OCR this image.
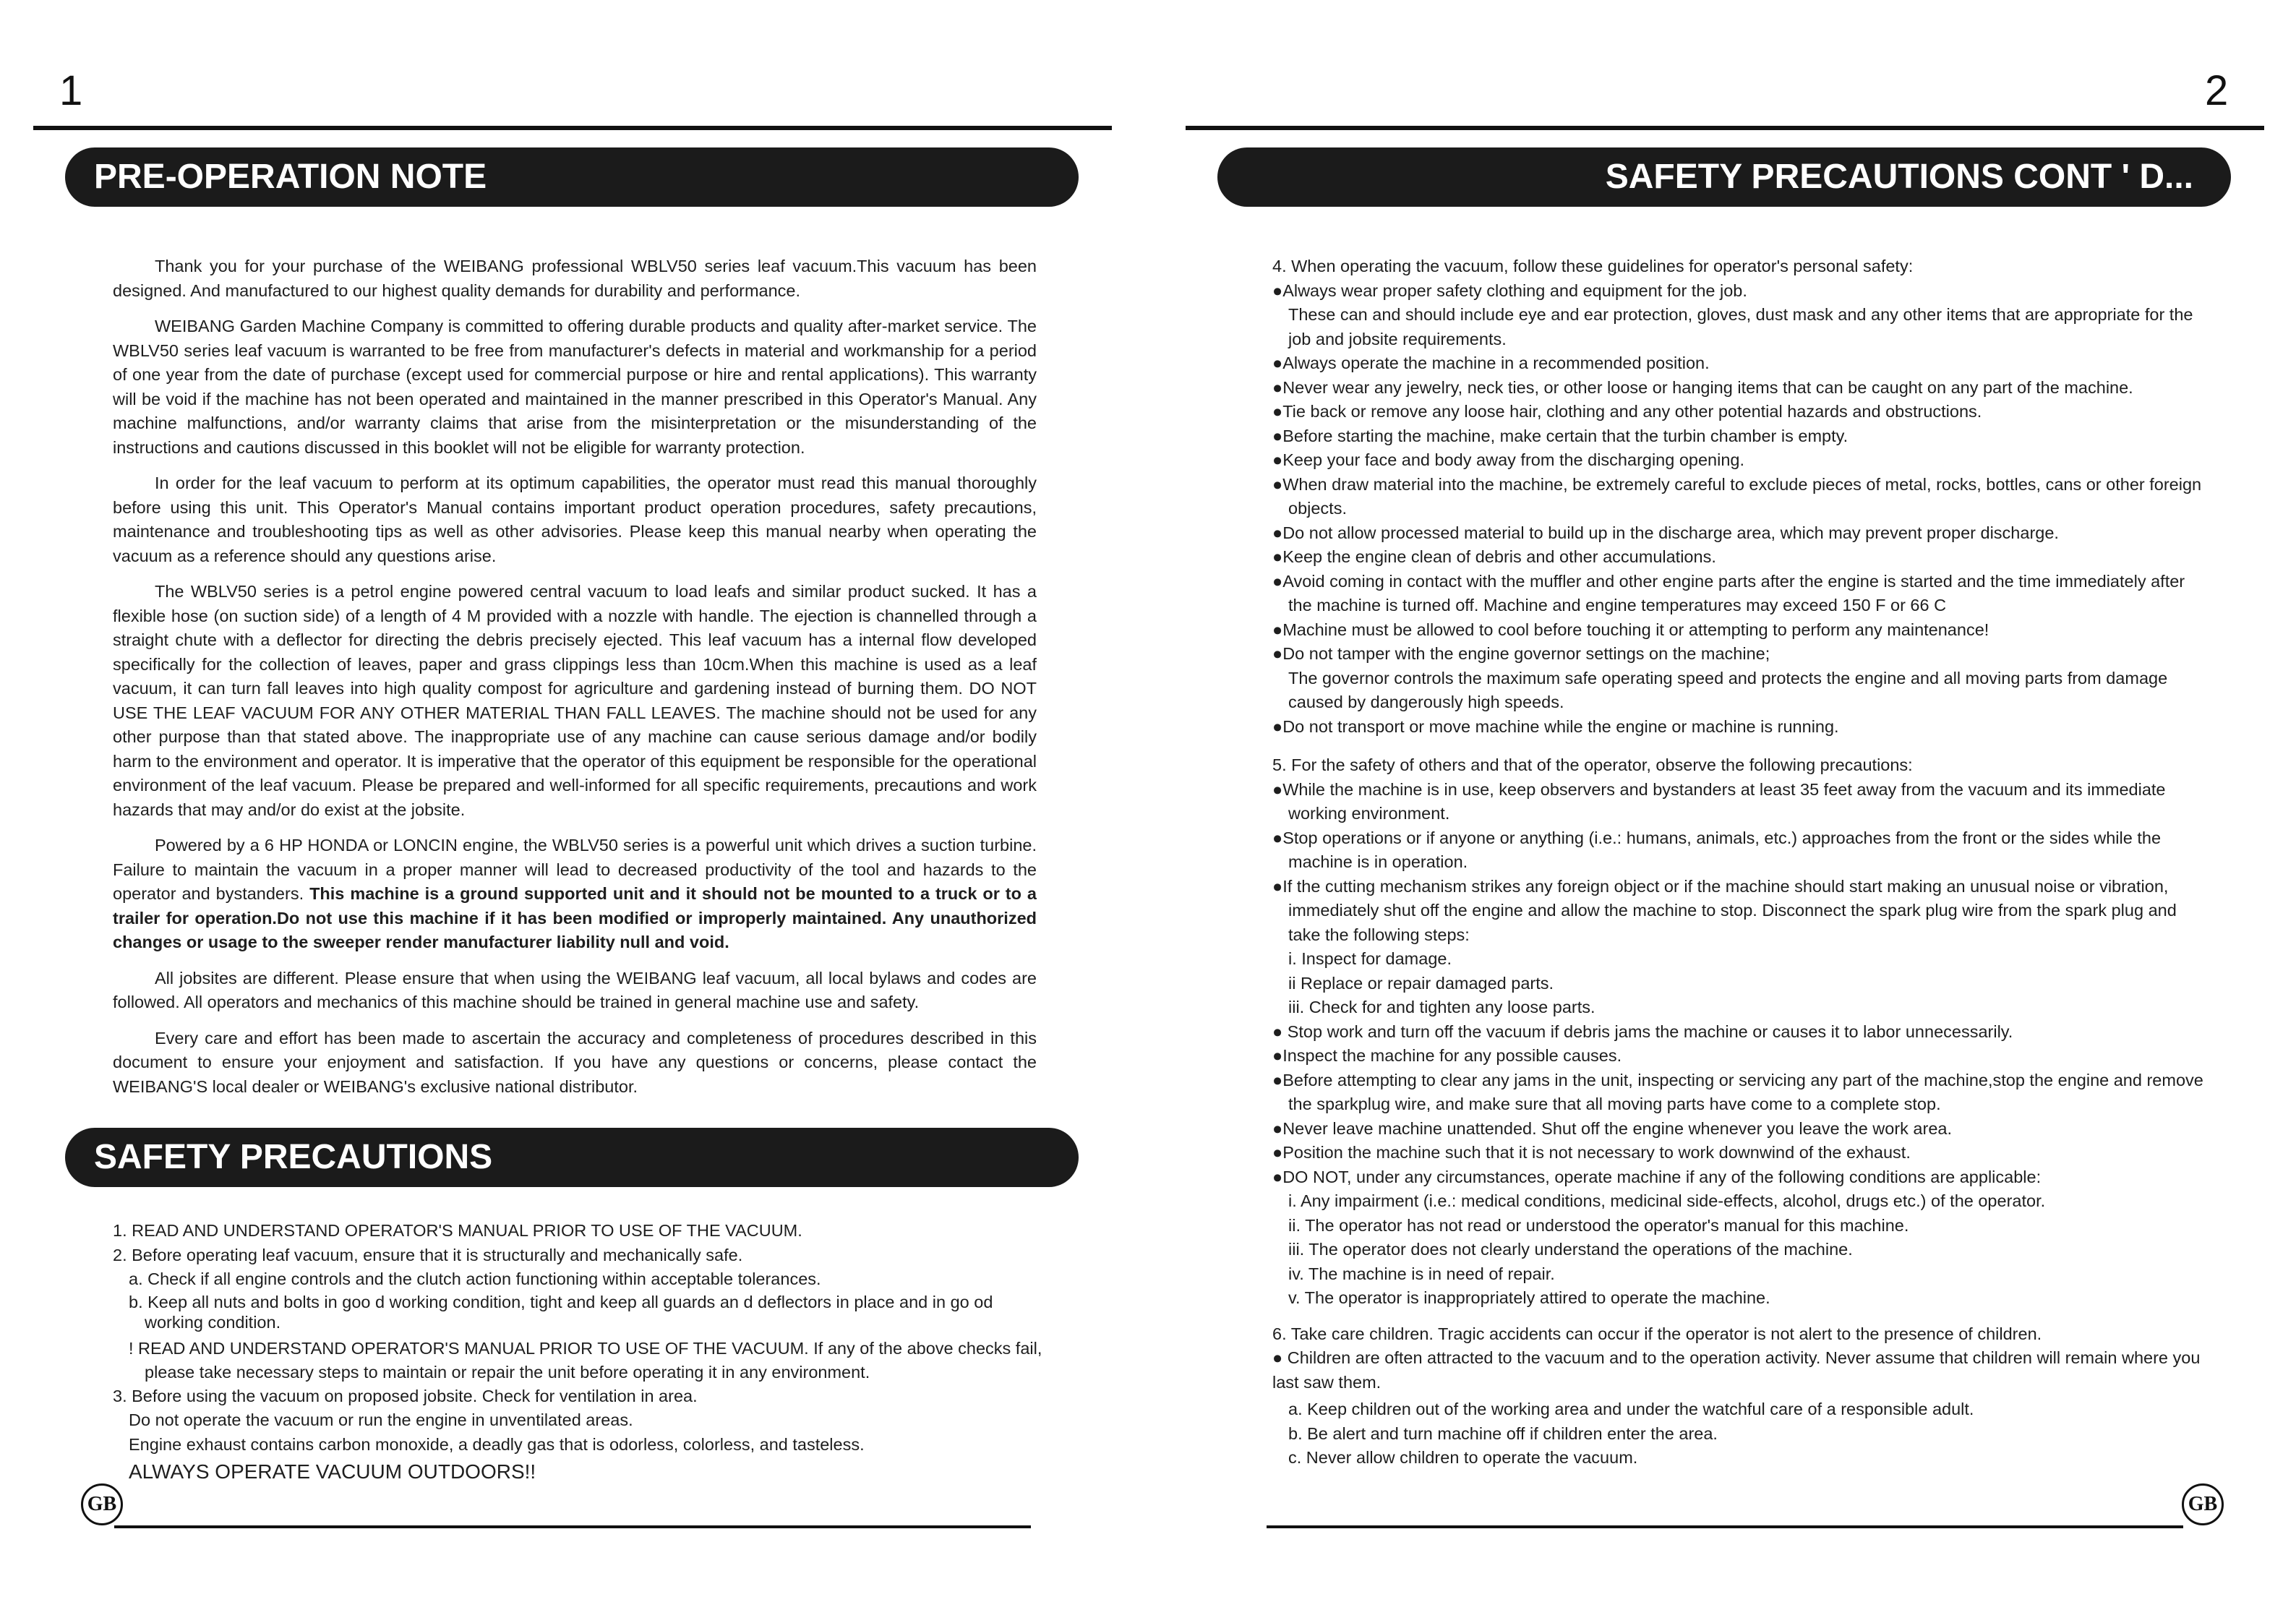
1
PRE-OPERATION NOTE

Thank you for your purchase of the WEIBANG professional WBLV50 series leaf vacuum.This vacuum has been designed. And manufactured to our highest quality demands for durability and performance.

WEIBANG Garden Machine Company is committed to offering durable products and quality after-market service. The WBLV50 series leaf vacuum is warranted to be free from manufacturer's defects in material and workmanship for a period of one year from the date of purchase (except used for commercial purpose or hire and rental applications). This warranty will be void if the machine has not been operated and maintained in the manner prescribed in this Operator's Manual. Any machine malfunctions, and/or warranty claims that arise from the misinterpretation or the misunderstanding of the instructions and cautions discussed in this booklet will not be eligible for warranty protection.

In order for the leaf vacuum to perform at its optimum capabilities, the operator must read this manual thoroughly before using this unit. This Operator's Manual contains important product operation procedures, safety precautions, maintenance and troubleshooting tips as well as other advisories. Please keep this manual nearby when operating the vacuum as a reference should any questions arise.

The WBLV50 series is a petrol engine powered central vacuum to load leafs and similar product sucked. It has a flexible hose (on suction side) of a length of 4 M provided with a nozzle with handle. The ejection is channelled through a straight chute with a deflector for directing the debris precisely ejected. This leaf vacuum has a internal flow developed specifically for the collection of leaves, paper and grass clippings less than 10cm.When this machine is used as a leaf vacuum, it can turn fall leaves into high quality compost for agriculture and gardening instead of burning them. DO NOT USE THE LEAF VACUUM FOR ANY OTHER MATERIAL THAN FALL LEAVES. The machine should not be used for any other purpose than that stated above. The inappropriate use of any machine can cause serious damage and/or bodily harm to the environment and operator. It is imperative that the operator of this equipment be responsible for the operational environment of the leaf vacuum. Please be prepared and well-informed for all specific requirements, precautions and work hazards that may and/or do exist at the jobsite.

Powered by a 6 HP HONDA or LONCIN engine, the WBLV50 series is a powerful unit which drives a suction turbine. Failure to maintain the vacuum in a proper manner will lead to decreased productivity of the tool and hazards to the operator and bystanders. This machine is a ground supported unit and it should not be mounted to a truck or to a trailer for operation.Do not use this machine if it has been modified or improperly maintained. Any unauthorized changes or usage to the sweeper render manufacturer liability null and void.

All jobsites are different. Please ensure that when using the WEIBANG leaf vacuum, all local bylaws and codes are followed. All operators and mechanics of this machine should be trained in general machine use and safety.

Every care and effort has been made to ascertain the accuracy and completeness of procedures described in this document to ensure your enjoyment and satisfaction. If you have any questions or concerns, please contact the WEIBANG'S local dealer or WEIBANG's exclusive national distributor.

SAFETY PRECAUTIONS
1. READ AND UNDERSTAND OPERATOR'S MANUAL PRIOR TO USE OF THE VACUUM.
2. Before operating leaf vacuum, ensure that it is structurally and mechanically safe.
a. Check if all engine controls and the clutch action functioning within acceptable tolerances.
b. Keep all nuts and bolts in goo d working condition, tight and keep all guards an d deflectors in place and in go od working condition.
! READ AND UNDERSTAND OPERATOR'S MANUAL PRIOR TO USE OF THE VACUUM. If any of the above checks fail, please take necessary steps to maintain or repair the unit before operating it in any environment.
3. Before using the vacuum on proposed jobsite. Check for ventilation in area.
Do not operate the vacuum or run the engine in unventilated areas.
Engine exhaust contains carbon monoxide, a deadly gas that is odorless, colorless, and tasteless.
ALWAYS OPERATE VACUUM OUTDOORS!!
GB
2
SAFETY PRECAUTIONS CONT ' D...
4. When operating the vacuum, follow these guidelines for operator's personal safety:
●Always wear proper safety clothing and equipment for the job.
These can and should include eye and ear protection, gloves, dust mask and any other items that are appropriate for the job and jobsite requirements.
●Always operate the machine in a recommended position.
●Never wear any jewelry, neck ties, or other loose or hanging items that can be caught on any part of the machine.
●Tie back or remove any loose hair, clothing and any other potential hazards and obstructions.
●Before starting the machine, make certain that the turbin chamber is empty.
●Keep your face and body away from the discharging opening.
●When draw material into the machine, be extremely careful to exclude pieces of metal, rocks, bottles, cans or other foreign objects.
●Do not allow processed material to build up in the discharge area, which may prevent proper discharge.
●Keep the engine clean of debris and other accumulations.
●Avoid coming in contact with the muffler and other engine parts after the engine is started and the time immediately after the machine is turned off. Machine and engine temperatures may exceed 150 F or 66 C
●Machine must be allowed to cool before touching it or attempting to perform any maintenance!
●Do not tamper with the engine governor settings on the machine;
The governor controls the maximum safe operating speed and protects the engine and all moving parts from damage caused by dangerously high speeds.
●Do not transport or move machine while the engine or machine is running.
5. For the safety of others and that of the operator, observe the following precautions:
●While the machine is in use, keep observers and bystanders at least 35 feet away from the vacuum and its immediate working environment.
●Stop operations or if anyone or anything (i.e.: humans, animals, etc.) approaches from the front or the sides while the machine is in operation.
●If the cutting mechanism strikes any foreign object or if the machine should start making an unusual noise or vibration, immediately shut off the engine and allow the machine to stop. Disconnect the spark plug wire from the spark plug and take the following steps:
i. Inspect for damage.
ii Replace or repair damaged parts.
iii. Check for and tighten any loose parts.
● Stop work and turn off the vacuum if debris jams the machine or causes it to labor unnecessarily.
●Inspect the machine for any possible causes.
●Before attempting to clear any jams in the unit, inspecting or servicing any part of the machine,stop the engine and remove the sparkplug wire, and make sure that all moving parts have come to a complete stop.
●Never leave machine unattended. Shut off the engine whenever you leave the work area.
●Position the machine such that it is not necessary to work downwind of the exhaust.
●DO NOT, under any circumstances, operate machine if any of the following conditions are applicable:
i. Any impairment (i.e.: medical conditions, medicinal side-effects, alcohol, drugs etc.) of the operator.
ii. The operator has not read or understood the operator's manual for this machine.
iii. The operator does not clearly understand the operations of the machine.
iv. The machine is in need of repair.
v. The operator is inappropriately attired to operate the machine.
6. Take care children. Tragic accidents can occur if the operator is not alert to the presence of children.
● Children are often attracted to the vacuum and to the operation activity. Never assume that children will remain where you last saw them.
a. Keep children out of the working area and under the watchful care of a responsible adult.
b. Be alert and turn machine off if children enter the area.
c. Never allow children to operate the vacuum.
GB
